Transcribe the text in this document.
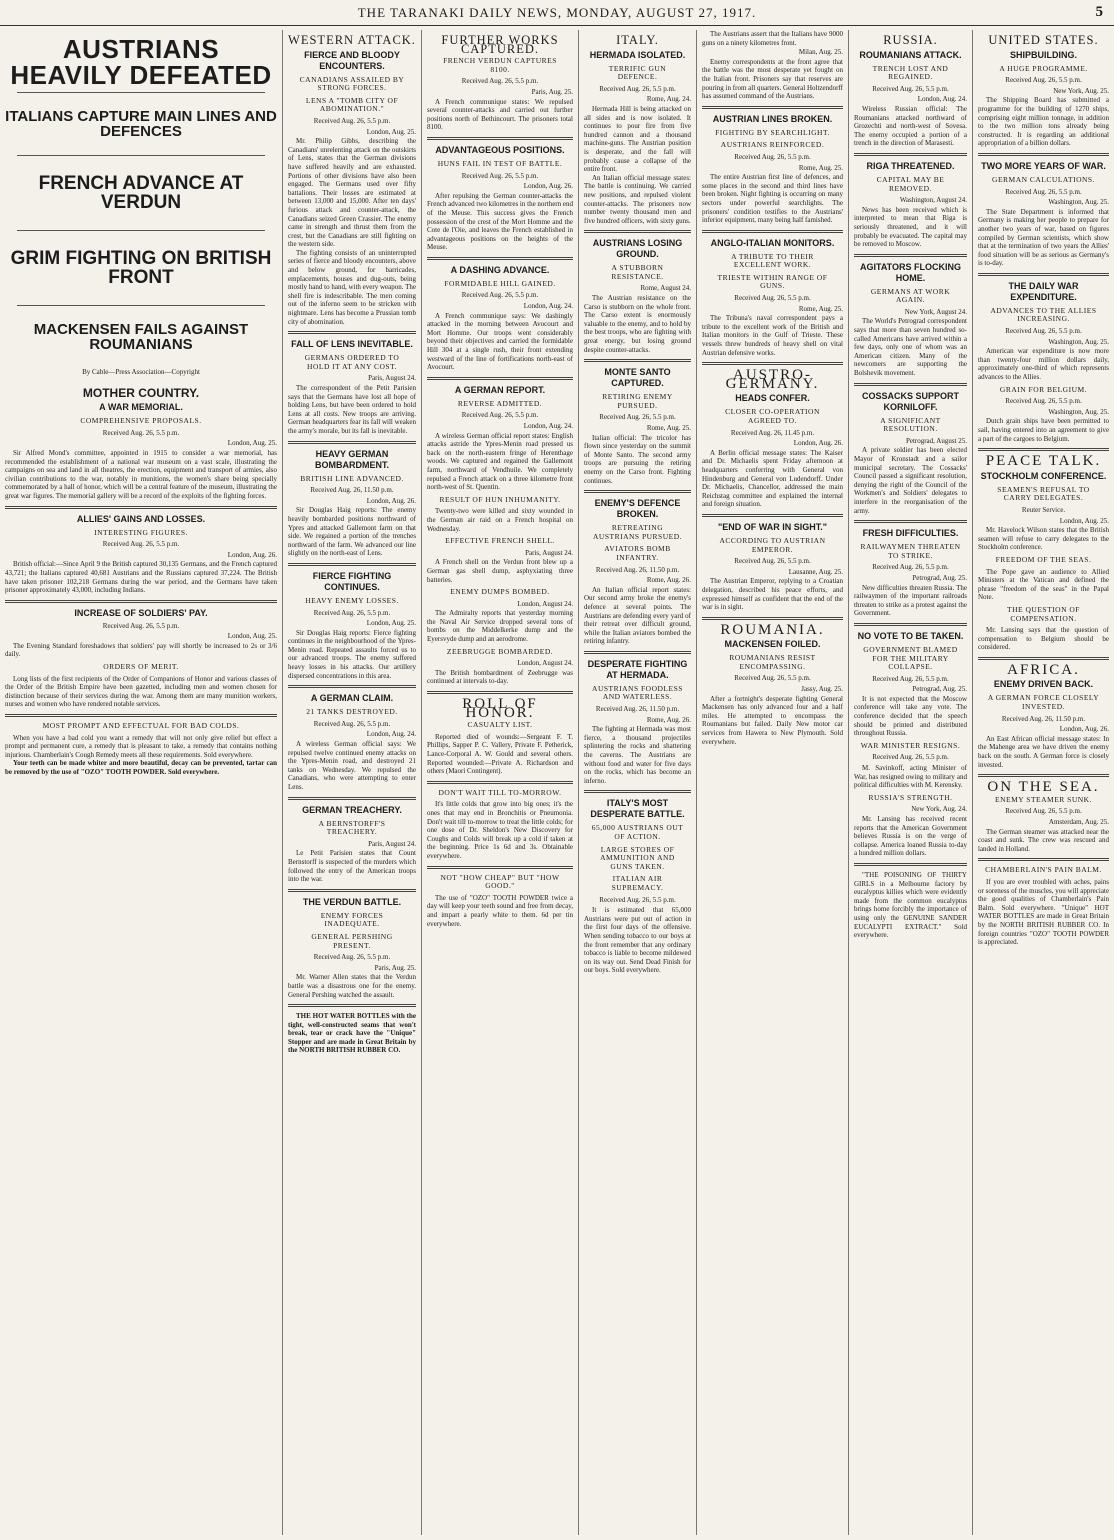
THE TARANAKI DAILY NEWS, MONDAY, AUGUST 27, 1917.	5
AUSTRIANS HEAVILY DEFEATED
ITALIANS CAPTURE MAIN LINES AND DEFENCES
FRENCH ADVANCE AT VERDUN
GRIM FIGHTING ON BRITISH FRONT
MACKENSEN FAILS AGAINST ROUMANIANS
By Cable—Press Association—Copyright
MOTHER COUNTRY.
A WAR MEMORIAL.
COMPREHENSIVE PROPOSALS.
Received Aug. 26, 5.5 p.m.
London, Aug. 25.

Sir Alfred Mond's committee, appointed in 1915 to consider a war memorial, has recommended the establishment of a national war museum on a vast scale, illustrating the campaigns on sea and land in all theatres, the erection, equipment and transport of armies, also civilian contributions to the war, notably in munitions, the women's share being specially commemorated by a hall of honor, which will be a central feature of the museum, illustrating the great war figures. The memorial gallery will be a record of the exploits of the fighting forces.

ALLIES' GAINS AND LOSSES.
INTERESTING FIGURES.
Received Aug. 26, 5.5 p.m.
London, Aug. 26.

British official:—Since April 9 the British captured 30,135 Germans, and the French captured 43,721; the Italians captured 40,681 Austrians and the Russians captured 37,224. The British have taken prisoner 102,218 Germans during the war period, and the Germans have taken prisoner approximately 43,000, including Indians.

INCREASE OF SOLDIERS' PAY.
Received Aug. 26, 5.5 p.m.
London, Aug. 25.

The Evening Standard foreshadows that soldiers' pay will shortly be increased to 2s or 3/6 daily.

ORDERS OF MERIT.

Long lists of the first recipients of the Order of Companions of Honor and various classes of the Order of the British Empire have been gazetted, including men and women chosen for distinction because of their services during the war. Among them are many munition workers, nurses and women who have rendered notable services.

MOST PROMPT AND EFFECTUAL FOR BAD COLDS.

When you have a bad cold you want a remedy that will not only give relief but effect a prompt and permanent cure, a remedy that is pleasant to take, a remedy that contains nothing injurious. Chamberlain's Cough Remedy meets all these requirements. Sold everywhere.

Your teeth can be made whiter and more beautiful, decay can be prevented, tartar can be removed by the use of "OZO" TOOTH POWDER. Sold everywhere.

WESTERN ATTACK.
FIERCE AND BLOODY ENCOUNTERS.
CANADIANS ASSAILED BY STRONG FORCES.
LENS A "TOMB CITY OF ABOMINATION."
Received Aug. 26, 5.5 p.m.
London, Aug. 25.

Mr. Philip Gibbs, describing the Canadians' unrelenting attack on the outskirts of Lens, states that the German divisions have suffered heavily and are exhausted. Portions of other divisions have also been engaged. The Germans used over fifty battalions. Their losses are estimated at between 13,000 and 15,000. After ten days' furious attack and counter-attack, the Canadians seized Green Crassier. The enemy came in strength and thrust them from the crest, but the Canadians are still fighting on the western side.

The fighting consists of an uninterrupted series of fierce and bloody encounters, above and below ground, for barricades, emplacements, houses and dug-outs, being mostly hand to hand, with every weapon. The shell fire is indescribable. The men coming out of the inferno seem to be stricken with nightmare. Lens has become a Prussian tomb city of abomination.

FALL OF LENS INEVITABLE.
GERMANS ORDERED TO HOLD IT AT ANY COST.
Paris, August 24.

The correspondent of the Petit Parisien says that the Germans have lost all hope of holding Lens, but have been ordered to hold Lens at all costs. New troops are arriving. German headquarters fear its fall will weaken the army's morale, but its fall is inevitable.

HEAVY GERMAN BOMBARDMENT.
BRITISH LINE ADVANCED.
Received Aug. 26, 11.50 p.m.
London, Aug. 26.

Sir Douglas Haig reports: The enemy heavily bombarded positions northward of Ypres and attacked Gallemont farm on that side. We regained a portion of the trenches northward of the farm. We advanced our line slightly on the north-east of Lens.

FIERCE FIGHTING CONTINUES.
HEAVY ENEMY LOSSES.
Received Aug. 26, 5.5 p.m.
London, Aug. 25.

Sir Douglas Haig reports: Fierce fighting continues in the neighbourhood of the Ypres-Menin road. Repeated assaults forced us to our advanced troops. The enemy suffered heavy losses in his attacks. Our artillery dispersed concentrations in this area.

A GERMAN CLAIM.
21 TANKS DESTROYED.
Received Aug. 26, 5.5 p.m.
London, Aug. 24.

A wireless German official says: We repulsed twelve continued enemy attacks on the Ypres-Menin road, and destroyed 21 tanks on Wednesday. We repulsed the Canadians, who were attempting to enter Lens.

GERMAN TREACHERY.
A BERNSTORFF'S TREACHERY.
Paris, August 24.

Le Petit Parisien states that Count Bernstorff is suspected of the murders which followed the entry of the American troops into the war.

THE VERDUN BATTLE.
ENEMY FORCES INADEQUATE.
GENERAL PERSHING PRESENT.
Received Aug. 26, 5.5 p.m.
Paris, Aug. 25.

Mr. Warner Allen states that the Verdun battle was a disastrous one for the enemy. General Pershing watched the assault.

THE HOT WATER BOTTLES with the tight, well-constructed seams that won't break, tear or crack have the "Unique" Stopper and are made in Great Britain by the NORTH BRITISH RUBBER CO.

FURTHER WORKS CAPTURED.
FRENCH VERDUN CAPTURES 8100.
Received Aug. 26, 5.5 p.m.
Paris, Aug. 25.

A French communique states: We repulsed several counter-attacks and carried out further positions north of Bethincourt. The prisoners total 8100.

ADVANTAGEOUS POSITIONS.
HUNS FAIL IN TEST OF BATTLE.
Received Aug. 26, 5.5 p.m.
London, Aug. 26.

After repulsing the German counter-attacks the French advanced two kilometres in the northern end of the Meuse. This success gives the French possession of the crest of the Mort Homme and the Cote de l'Oie, and leaves the French established in advantageous positions on the heights of the Meuse.

A DASHING ADVANCE.
FORMIDABLE HILL GAINED.
Received Aug. 26, 5.5 p.m.
London, Aug. 24.

A French communique says: We dashingly attacked in the morning between Avocourt and Mort Homme. Our troops went considerably beyond their objectives and carried the formidable Hill 304 at a single rush, their front extending westward of the line of fortifications north-east of Avocourt.

A GERMAN REPORT.
REVERSE ADMITTED.
Received Aug. 26, 5.5 p.m.
London, Aug. 24.

A wireless German official report states: English attacks astride the Ypres-Menin road pressed us back on the north-eastern fringe of Herenthage woods. We captured and regained the Gallemont farm, northward of Vendhuile. We completely repulsed a French attack on a three kilometre front north-west of St. Quentin.

RESULT OF HUN INHUMANITY.

Twenty-two were killed and sixty wounded in the German air raid on a French hospital on Wednesday.

EFFECTIVE FRENCH SHELL.
Paris, August 24.

A French shell on the Verdun front blew up a German gas shell dump, asphyxiating three batteries.

ENEMY DUMPS BOMBED.
London, August 24.

The Admiralty reports that yesterday morning the Naval Air Service dropped several tons of bombs on the Middelkerke dump and the Eyersvyde dump and an aerodrome.

ZEEBRUGGE BOMBARDED.
London, August 24.

The British bombardment of Zeebrugge was continued at intervals to-day.

ROLL OF HONOR.
CASUALTY LIST.

Reported died of wounds:—Sergeant F. T. Phillips, Sapper P. C. Vallery, Private F. Petherick, Lance-Corporal A. W. Gould and several others. Reported wounded:—Private A. Richardson and others (Maori Contingent).

DON'T WAIT TILL TO-MORROW.

It's little colds that grow into big ones; it's the ones that may end in Bronchitis or Pneumonia. Don't wait till to-morrow to treat the little colds; for one dose of Dr. Sheldon's New Discovery for Coughs and Colds will break up a cold if taken at the beginning. Price 1s 6d and 3s. Obtainable everywhere.

NOT "HOW CHEAP" BUT "HOW GOOD."

The use of "OZO" TOOTH POWDER twice a day will keep your teeth sound and free from decay, and impart a pearly white to them. 6d per tin everywhere.

ITALY.
HERMADA ISOLATED.
TERRIFIC GUN DEFENCE.
Received Aug. 26, 5.5 p.m.
Rome, Aug. 24.

Hermada Hill is being attacked on all sides and is now isolated. It continues to pour fire from five hundred cannon and a thousand machine-guns. The Austrian position is desperate, and the fall will probably cause a collapse of the entire front.

An Italian official message states: The battle is continuing. We carried new positions, and repulsed violent counter-attacks. The prisoners now number twenty thousand men and five hundred officers, with sixty guns.

AUSTRIANS LOSING GROUND.
A STUBBORN RESISTANCE.
Rome, August 24.

The Austrian resistance on the Carso is stubborn on the whole front. The Carso extent is enormously valuable to the enemy, and to hold by the best troops, who are fighting with great energy, but losing ground despite counter-attacks.

MONTE SANTO CAPTURED.
RETIRING ENEMY PURSUED.
Received Aug. 26, 5.5 p.m.
Rome, Aug. 25.

Italian official: The tricolor has flown since yesterday on the summit of Monte Santo. The second army troops are pursuing the retiring enemy on the Carso front. Fighting continues.

ENEMY'S DEFENCE BROKEN.
RETREATING AUSTRIANS PURSUED.
AVIATORS BOMB INFANTRY.
Received Aug. 26, 11.50 p.m.
Rome, Aug. 26.

An Italian official report states: Our second army broke the enemy's defence at several points. The Austrians are defending every yard of their retreat over difficult ground, while the Italian aviators bombed the retiring infantry.

DESPERATE FIGHTING AT HERMADA.
AUSTRIANS FOODLESS AND WATERLESS.
Received Aug. 26, 11.50 p.m.
Rome, Aug. 26.

The fighting at Hermada was most fierce, a thousand projectiles splintering the rocks and shattering the caverns. The Austrians are without food and water for five days on the rocks, which has become an inferno.

ITALY'S MOST DESPERATE BATTLE.
65,000 AUSTRIANS OUT OF ACTION.
LARGE STORES OF AMMUNITION AND GUNS TAKEN.
ITALIAN AIR SUPREMACY.
Received Aug. 26, 5.5 p.m.

It is estimated that 65,000 Austrians were put out of action in the first four days of the offensive. When sending tobacco to our boys at the front remember that any ordinary tobacco is liable to become mildewed on its way out. Send Dead Finish for our boys. Sold everywhere.

The Austrians assert that the Italians have 9000 guns on a ninety kilometres front.

Milan, Aug. 25.

Enemy correspondents at the front agree that the battle was the most desperate yet fought on the Italian front. Prisoners say that reserves are pouring in from all quarters. General Holtzendorff has assumed command of the Austrians.

AUSTRIAN LINES BROKEN.
FIGHTING BY SEARCHLIGHT.
AUSTRIANS REINFORCED.
Received Aug. 26, 5.5 p.m.
Rome, Aug. 25.

The entire Austrian first line of defences, and some places in the second and third lines have been broken. Night fighting is occurring on many sectors under powerful searchlights. The prisoners' condition testifies to the Austrians' inferior equipment, many being half famished.

ANGLO-ITALIAN MONITORS.
A TRIBUTE TO THEIR EXCELLENT WORK.
TRIESTE WITHIN RANGE OF GUNS.
Received Aug. 26, 5.5 p.m.
Rome, Aug. 25.

The Tribuna's naval correspondent pays a tribute to the excellent work of the British and Italian monitors in the Gulf of Trieste. These vessels threw hundreds of heavy shell on vital Austrian defensive works.

AUSTRO-GERMANY.
HEADS CONFER.
CLOSER CO-OPERATION AGREED TO.
Received Aug. 26, 11.45 p.m.
London, Aug. 26.

A Berlin official message states: The Kaiser and Dr. Michaelis spent Friday afternoon at headquarters conferring with General von Hindenburg and General von Ludendorff. Under Dr. Michaelis, Chancellor, addressed the main Reichstag committee and explained the internal and foreign situation.

"END OF WAR IN SIGHT."
ACCORDING TO AUSTRIAN EMPEROR.
Received Aug. 26, 5.5 p.m.
Lausanne, Aug. 25.

The Austrian Emperor, replying to a Croatian delegation, described his peace efforts, and expressed himself as confident that the end of the war is in sight.

ROUMANIA.
MACKENSEN FOILED.
ROUMANIANS RESIST ENCOMPASSING.
Received Aug. 26, 5.5 p.m.
Jassy, Aug. 25.

After a fortnight's desperate fighting General Mackensen has only advanced four and a half miles. He attempted to encompass the Roumanians but failed. Daily New motor car services from Hawera to New Plymouth. Sold everywhere.

RUSSIA.
ROUMANIANS ATTACK.
TRENCH LOST AND REGAINED.
Received Aug. 26, 5.5 p.m.
London, Aug. 24.

Wireless Russian official: The Roumanians attacked northward of Grozechti and north-west of Sovesa. The enemy occupied a portion of a trench in the direction of Marasesti.

RIGA THREATENED.
CAPITAL MAY BE REMOVED.
Washington, August 24.

News has been received which is interpreted to mean that Riga is seriously threatened, and it will probably be evacuated. The capital may be removed to Moscow.

AGITATORS FLOCKING HOME.
GERMANS AT WORK AGAIN.
New York, August 24.

The World's Petrograd correspondent says that more than seven hundred so-called Americans have arrived within a few days, only one of whom was an American citizen. Many of the newcomers are supporting the Bolshevik movement.

COSSACKS SUPPORT KORNILOFF.
A SIGNIFICANT RESOLUTION.
Petrograd, August 25.

A private soldier has been elected Mayor of Kronstadt and a sailor municipal secretary. The Cossacks' Council passed a significant resolution, denying the right of the Council of the Workmen's and Soldiers' delegates to interfere in the reorganisation of the army.

FRESH DIFFICULTIES.
RAILWAYMEN THREATEN TO STRIKE.
Received Aug. 26, 5.5 p.m.
Petrograd, Aug. 25.

New difficulties threaten Russia. The railwaymen of the important railroads threaten to strike as a protest against the Government.

NO VOTE TO BE TAKEN.
GOVERNMENT BLAMED FOR THE MILITARY COLLAPSE.
Received Aug. 26, 5.5 p.m.
Petrograd, Aug. 25.

It is not expected that the Moscow conference will take any vote. The conference decided that the speech should be printed and distributed throughout Russia.

WAR MINISTER RESIGNS.
Received Aug. 26, 5.5 p.m.

M. Savinkoff, acting Minister of War, has resigned owing to military and political difficulties with M. Kerensky.

RUSSIA'S STRENGTH.
New York, Aug. 24.

Mr. Lansing has received recent reports that the American Government believes Russia is on the verge of collapse. America loaned Russia to-day a hundred million dollars.

"THE POISONING OF THIRTY GIRLS in a Melbourne factory by eucalyptus killies which were evidently made from the common eucalyptus brings home forcibly the importance of using only the GENUINE SANDER EUCALYPTI EXTRACT." Sold everywhere.

UNITED STATES.
SHIPBUILDING.
A HUGE PROGRAMME.
Received Aug. 26, 5.5 p.m.
New York, Aug. 25.

The Shipping Board has submitted a programme for the building of 1270 ships, comprising eight million tonnage, in addition to the two million tons already being constructed. It is regarding an additional appropriation of a billion dollars.

TWO MORE YEARS OF WAR.
GERMAN CALCULATIONS.
Received Aug. 26, 5.5 p.m.
Washington, Aug. 25.

The State Department is informed that Germany is making her people to prepare for another two years of war, based on figures compiled by German scientists, which show that at the termination of two years the Allies' food situation will be as serious as Germany's is to-day.

THE DAILY WAR EXPENDITURE.
ADVANCES TO THE ALLIES INCREASING.
Received Aug. 26, 5.5 p.m.
Washington, Aug. 25.

American war expenditure is now more than twenty-four million dollars daily, approximately one-third of which represents advances to the Allies.

GRAIN FOR BELGIUM.
Received Aug. 26, 5.5 p.m.
Washington, Aug. 25.

Dutch grain ships have been permitted to sail, having entered into an agreement to give a part of the cargoes to Belgium.

PEACE TALK.
STOCKHOLM CONFERENCE.
SEAMEN'S REFUSAL TO CARRY DELEGATES.
Reuter Service.
London, Aug. 25.

Mr. Havelock Wilson states that the British seamen will refuse to carry delegates to the Stockholm conference.

FREEDOM OF THE SEAS.

The Pope gave an audience to Allied Ministers at the Vatican and defined the phrase "freedom of the seas" in the Papal Note.

THE QUESTION OF COMPENSATION.

Mr. Lansing says that the question of compensation to Belgium should be considered.

AFRICA.
ENEMY DRIVEN BACK.
A GERMAN FORCE CLOSELY INVESTED.
Received Aug. 26, 11.50 p.m.
London, Aug. 26.

An East African official message states: In the Mahenge area we have driven the enemy back on the south. A German force is closely invested.

ON THE SEA.
ENEMY STEAMER SUNK.
Received Aug. 26, 5.5 p.m.
Amsterdam, Aug. 25.

The German steamer was attacked near the coast and sunk. The crew was rescued and landed in Holland.

CHAMBERLAIN'S PAIN BALM.

If you are ever troubled with aches, pains or soreness of the muscles, you will appreciate the good qualities of Chamberlain's Pain Balm. Sold everywhere. "Unique" HOT WATER BOTTLES are made in Great Britain by the NORTH BRITISH RUBBER CO. In foreign countries "OZO" TOOTH POWDER is appreciated.
